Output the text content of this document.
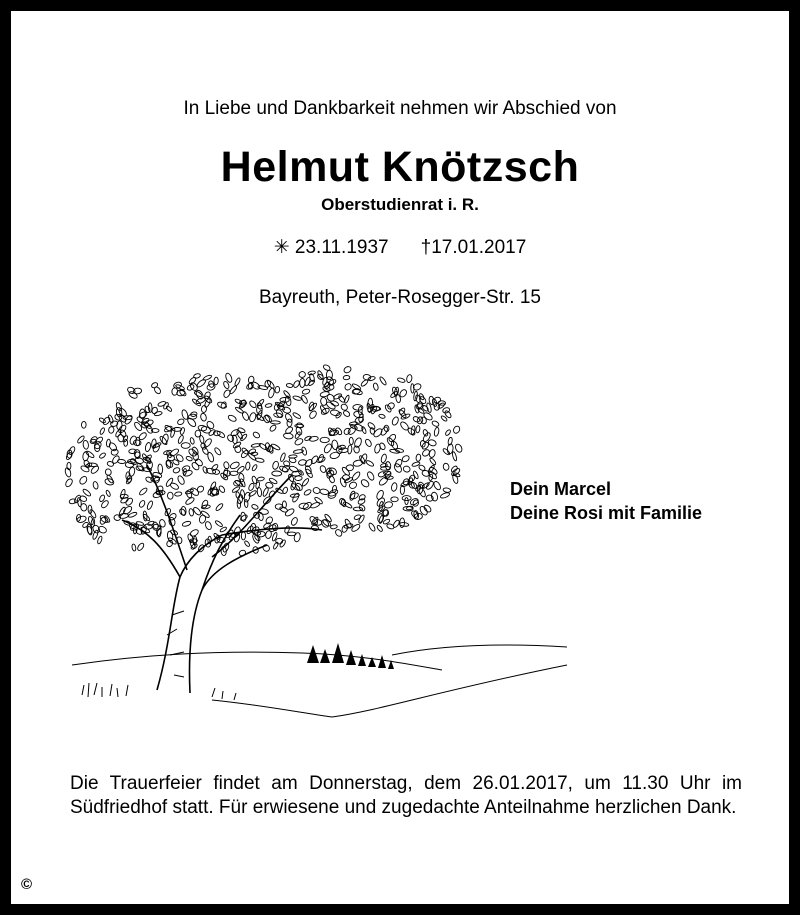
In Liebe und Dankbarkeit nehmen wir Abschied von
Helmut Knötzsch
Oberstudienrat i. R.
✳ 23.11.1937 †17.01.2017
Bayreuth, Peter-Rosegger-Str. 15
Dein Marcel
Deine Rosi mit Familie
Die Trauerfeier findet am Donnerstag, dem 26.01.2017, um 11.30 Uhr im Südfriedhof statt. Für erwiesene und zugedachte Anteilnahme herzlichen Dank.
©
